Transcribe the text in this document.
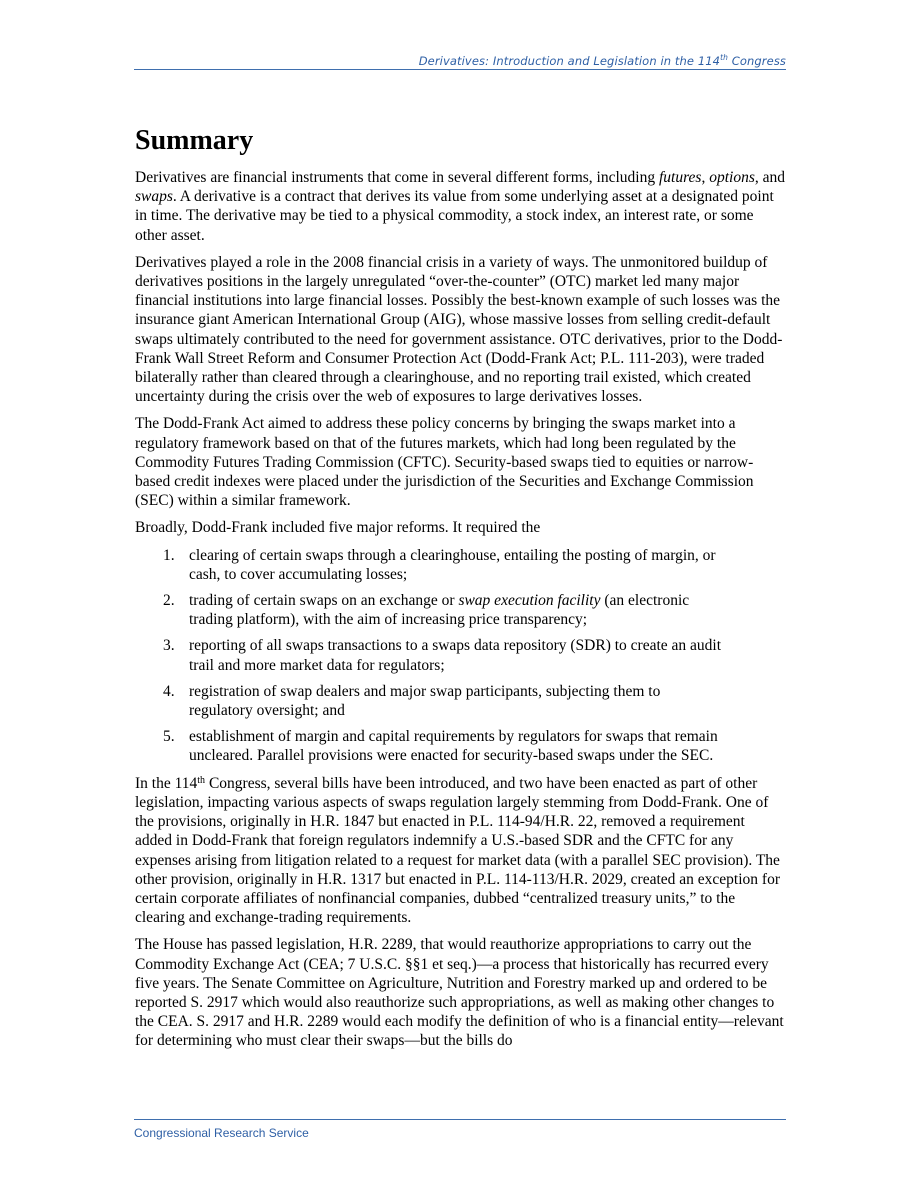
Derivatives: Introduction and Legislation in the 114th Congress
Summary

Derivatives are financial instruments that come in several different forms, including futures, options, and swaps. A derivative is a contract that derives its value from some underlying asset at a designated point in time. The derivative may be tied to a physical commodity, a stock index, an interest rate, or some other asset.

Derivatives played a role in the 2008 financial crisis in a variety of ways. The unmonitored buildup of derivatives positions in the largely unregulated “over-the-counter” (OTC) market led many major financial institutions into large financial losses. Possibly the best-known example of such losses was the insurance giant American International Group (AIG), whose massive losses from selling credit-default swaps ultimately contributed to the need for government assistance. OTC derivatives, prior to the Dodd-Frank Wall Street Reform and Consumer Protection Act (Dodd-Frank Act; P.L. 111-203), were traded bilaterally rather than cleared through a clearinghouse, and no reporting trail existed, which created uncertainty during the crisis over the web of exposures to large derivatives losses.

The Dodd-Frank Act aimed to address these policy concerns by bringing the swaps market into a regulatory framework based on that of the futures markets, which had long been regulated by the Commodity Futures Trading Commission (CFTC). Security-based swaps tied to equities or narrow-based credit indexes were placed under the jurisdiction of the Securities and Exchange Commission (SEC) within a similar framework.

Broadly, Dodd-Frank included five major reforms. It required the

1. clearing of certain swaps through a clearinghouse, entailing the posting of margin, or cash, to cover accumulating losses;
2. trading of certain swaps on an exchange or swap execution facility (an electronic trading platform), with the aim of increasing price transparency;
3. reporting of all swaps transactions to a swaps data repository (SDR) to create an audit trail and more market data for regulators;
4. registration of swap dealers and major swap participants, subjecting them to regulatory oversight; and
5. establishment of margin and capital requirements by regulators for swaps that remain uncleared. Parallel provisions were enacted for security-based swaps under the SEC.

In the 114th Congress, several bills have been introduced, and two have been enacted as part of other legislation, impacting various aspects of swaps regulation largely stemming from Dodd-Frank. One of the provisions, originally in H.R. 1847 but enacted in P.L. 114-94/H.R. 22, removed a requirement added in Dodd-Frank that foreign regulators indemnify a U.S.-based SDR and the CFTC for any expenses arising from litigation related to a request for market data (with a parallel SEC provision). The other provision, originally in H.R. 1317 but enacted in P.L. 114-113/H.R. 2029, created an exception for certain corporate affiliates of nonfinancial companies, dubbed “centralized treasury units,” to the clearing and exchange-trading requirements.

The House has passed legislation, H.R. 2289, that would reauthorize appropriations to carry out the Commodity Exchange Act (CEA; 7 U.S.C. §§1 et seq.)—a process that historically has recurred every five years. The Senate Committee on Agriculture, Nutrition and Forestry marked up and ordered to be reported S. 2917 which would also reauthorize such appropriations, as well as making other changes to the CEA. S. 2917 and H.R. 2289 would each modify the definition of who is a financial entity—relevant for determining who must clear their swaps—but the bills do

Congressional Research Service
